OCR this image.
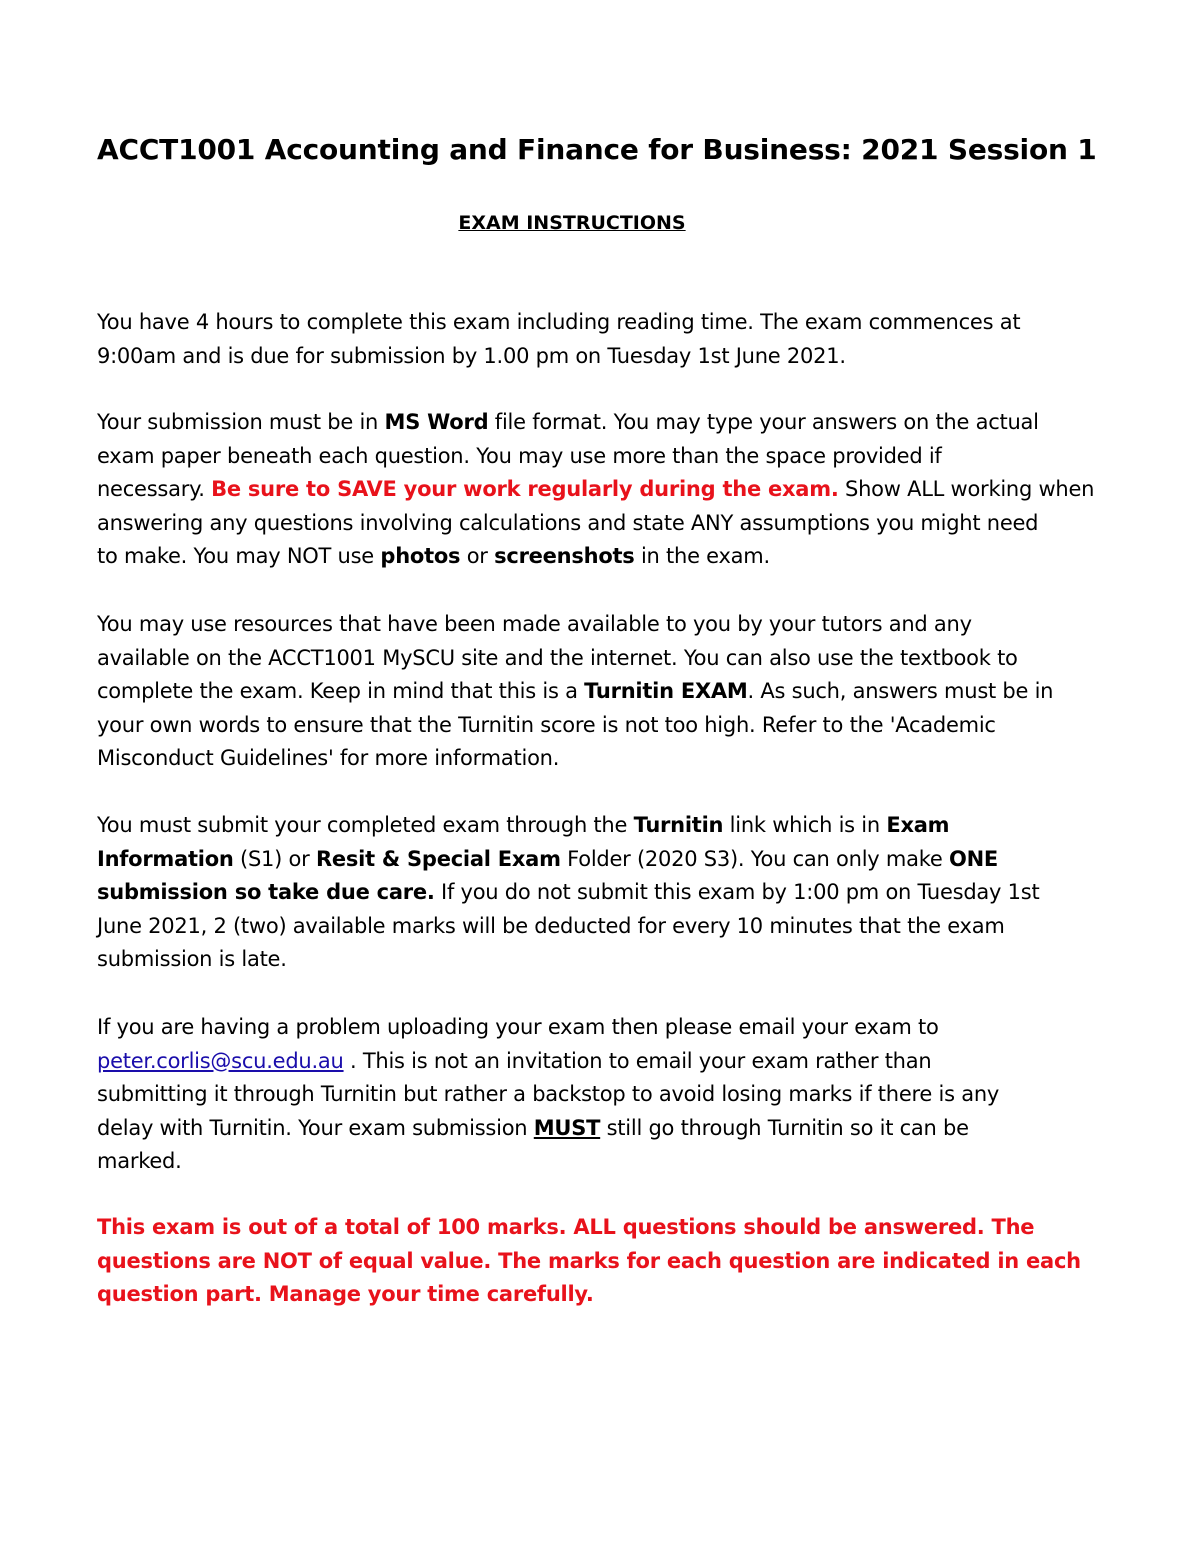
ACCT1001 Accounting and Finance for Business: 2021 Session 1
EXAM INSTRUCTIONS

You have 4 hours to complete this exam including reading time. The exam commences at
9:00am and is due for submission by 1.00 pm on Tuesday 1st June 2021.

Your submission must be in MS Word file format. You may type your answers on the actual
exam paper beneath each question. You may use more than the space provided if
necessary. Be sure to SAVE your work regularly during the exam. Show ALL working when
answering any questions involving calculations and state ANY assumptions you might need
to make. You may NOT use photos or screenshots in the exam.

You may use resources that have been made available to you by your tutors and any
available on the ACCT1001 MySCU site and the internet. You can also use the textbook to
complete the exam. Keep in mind that this is a Turnitin EXAM. As such, answers must be in
your own words to ensure that the Turnitin score is not too high. Refer to the 'Academic
Misconduct Guidelines' for more information.

You must submit your completed exam through the Turnitin link which is in Exam
Information (S1) or Resit & Special Exam Folder (2020 S3). You can only make ONE
submission so take due care. If you do not submit this exam by 1:00 pm on Tuesday 1st
June 2021, 2 (two) available marks will be deducted for every 10 minutes that the exam
submission is late.

If you are having a problem uploading your exam then please email your exam to
peter.corlis@scu.edu.au . This is not an invitation to email your exam rather than
submitting it through Turnitin but rather a backstop to avoid losing marks if there is any
delay with Turnitin. Your exam submission MUST still go through Turnitin so it can be
marked.

This exam is out of a total of 100 marks. ALL questions should be answered. The
questions are NOT of equal value. The marks for each question are indicated in each
question part. Manage your time carefully.
